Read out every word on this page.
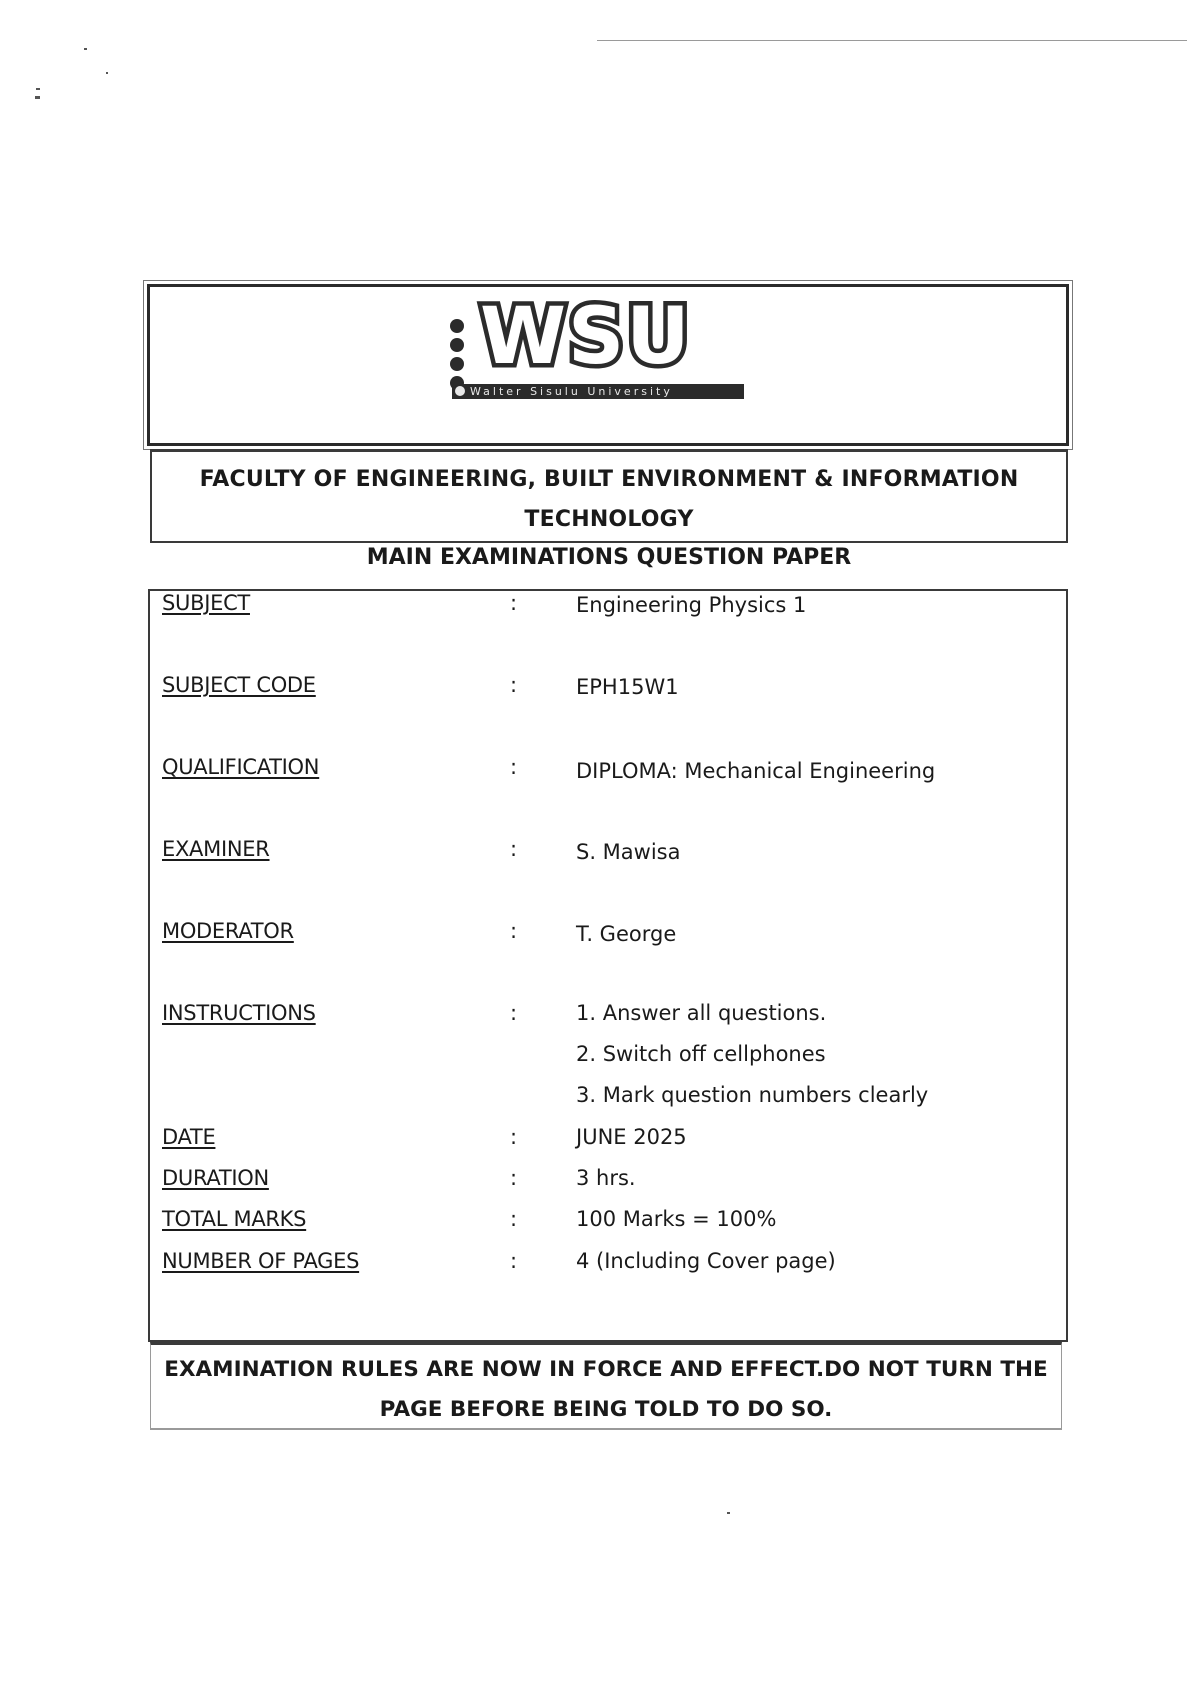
WSU
Walter Sisulu University
FACULTY OF ENGINEERING, BUILT ENVIRONMENT & INFORMATION
TECHNOLOGY
MAIN EXAMINATIONS QUESTION PAPER
SUBJECT	:	Engineering Physics 1
SUBJECT CODE	:	EPH15W1
QUALIFICATION	:	DIPLOMA: Mechanical Engineering
EXAMINER	:	S. Mawisa
MODERATOR	:	T. George
INSTRUCTIONS	:	1. Answer all questions.
2. Switch off cellphones
3. Mark question numbers clearly
DATE	:	JUNE 2025
DURATION	:	3 hrs.
TOTAL MARKS	:	100 Marks = 100%
NUMBER OF PAGES	:	4 (Including Cover page)
EXAMINATION RULES ARE NOW IN FORCE AND EFFECT.DO NOT TURN THE
PAGE BEFORE BEING TOLD TO DO SO.
